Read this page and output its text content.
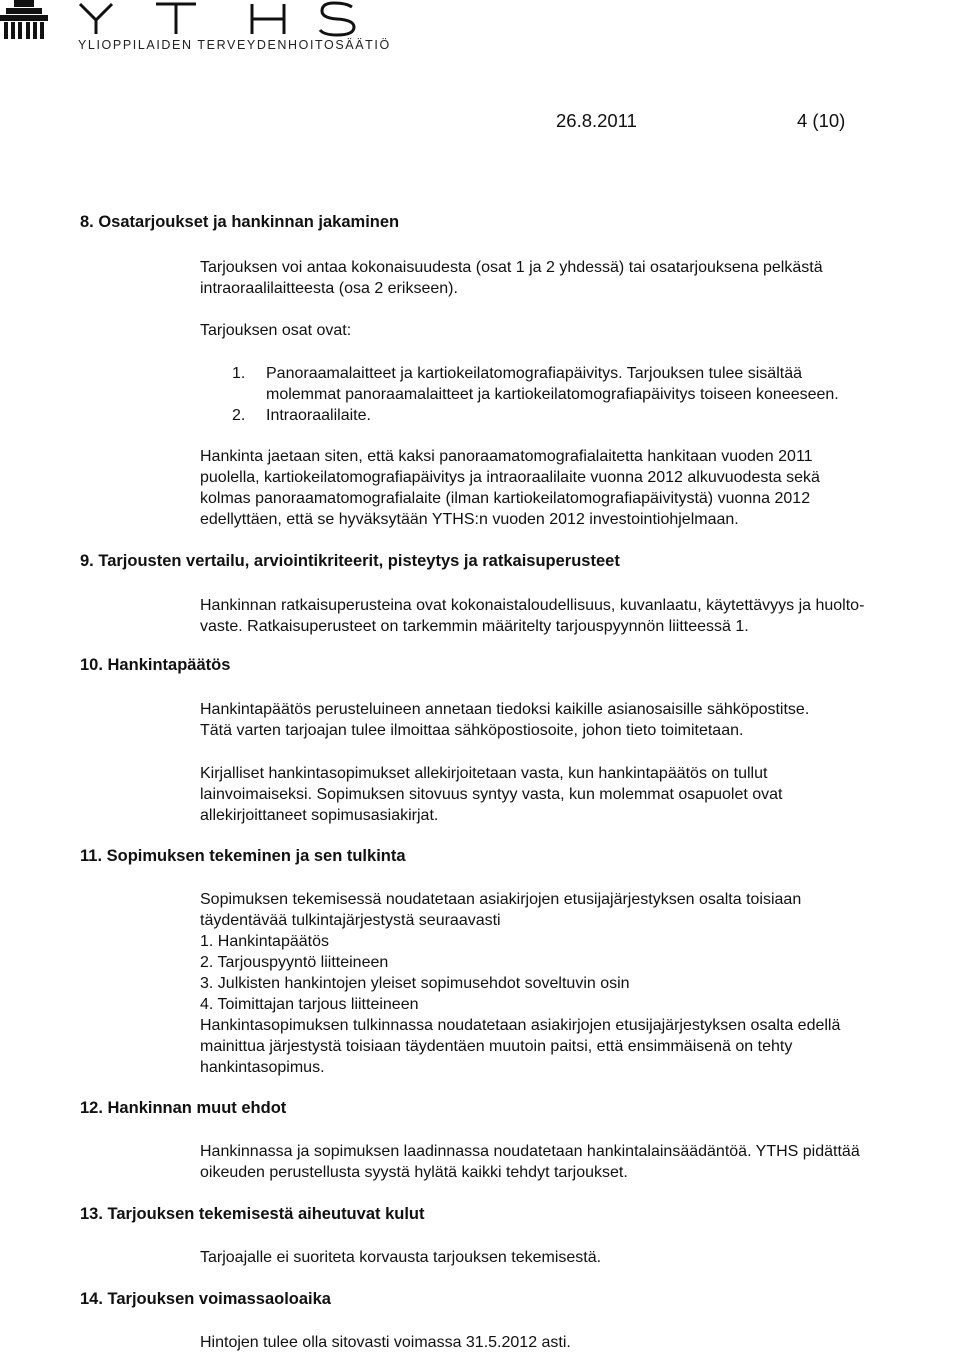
Y T H S
YLIOPPILAIDEN TERVEYDENHOITOSÄÄTIÖ
26.8.2011	4 (10)
8. Osatarjoukset ja hankinnan jakaminen
Tarjouksen voi antaa kokonaisuudesta (osat 1 ja 2 yhdessä) tai osatarjouksena pelkästä
intraoraalilaitteesta (osa 2 erikseen).
Tarjouksen osat ovat:
1. Panoraamalaitteet ja kartiokeilatomografiapäivitys. Tarjouksen tulee sisältää
molemmat panoraamalaitteet ja kartiokeilatomografiapäivitys toiseen koneeseen.
2. Intraoraalilaite.
Hankinta jaetaan siten, että kaksi panoraamatomografialaitetta hankitaan vuoden 2011
puolella, kartiokeilatomografiapäivitys ja intraoraalilaite vuonna 2012 alkuvuodesta sekä
kolmas panoraamatomografialaite (ilman kartiokeilatomografiapäivitystä) vuonna 2012
edellyttäen, että se hyväksytään YTHS:n vuoden 2012 investointiohjelmaan.
9. Tarjousten vertailu, arviointikriteerit, pisteytys ja ratkaisuperusteet
Hankinnan ratkaisuperusteina ovat kokonaistaloudellisuus, kuvanlaatu, käytettävyys ja huolto-
vaste. Ratkaisuperusteet on tarkemmin määritelty tarjouspyynnön liitteessä 1.
10. Hankintapäätös
Hankintapäätös perusteluineen annetaan tiedoksi kaikille asianosaisille sähköpostitse.
Tätä varten tarjoajan tulee ilmoittaa sähköpostiosoite, johon tieto toimitetaan.
Kirjalliset hankintasopimukset allekirjoitetaan vasta, kun hankintapäätös on tullut
lainvoimaiseksi. Sopimuksen sitovuus syntyy vasta, kun molemmat osapuolet ovat
allekirjoittaneet sopimusasiakirjat.
11. Sopimuksen tekeminen ja sen tulkinta
Sopimuksen tekemisessä noudatetaan asiakirjojen etusijajärjestyksen osalta toisiaan
täydentävää tulkintajärjestystä seuraavasti
1. Hankintapäätös
2. Tarjouspyyntö liitteineen
3. Julkisten hankintojen yleiset sopimusehdot soveltuvin osin
4. Toimittajan tarjous liitteineen
Hankintasopimuksen tulkinnassa noudatetaan asiakirjojen etusijajärjestyksen osalta edellä
mainittua järjestystä toisiaan täydentäen muutoin paitsi, että ensimmäisenä on tehty
hankintasopimus.
12. Hankinnan muut ehdot
Hankinnassa ja sopimuksen laadinnassa noudatetaan hankintalainsäädäntöä. YTHS pidättää
oikeuden perustellusta syystä hylätä kaikki tehdyt tarjoukset.
13. Tarjouksen tekemisestä aiheutuvat kulut
Tarjoajalle ei suoriteta korvausta tarjouksen tekemisestä.
14. Tarjouksen voimassaoloaika
Hintojen tulee olla sitovasti voimassa 31.5.2012 asti.
